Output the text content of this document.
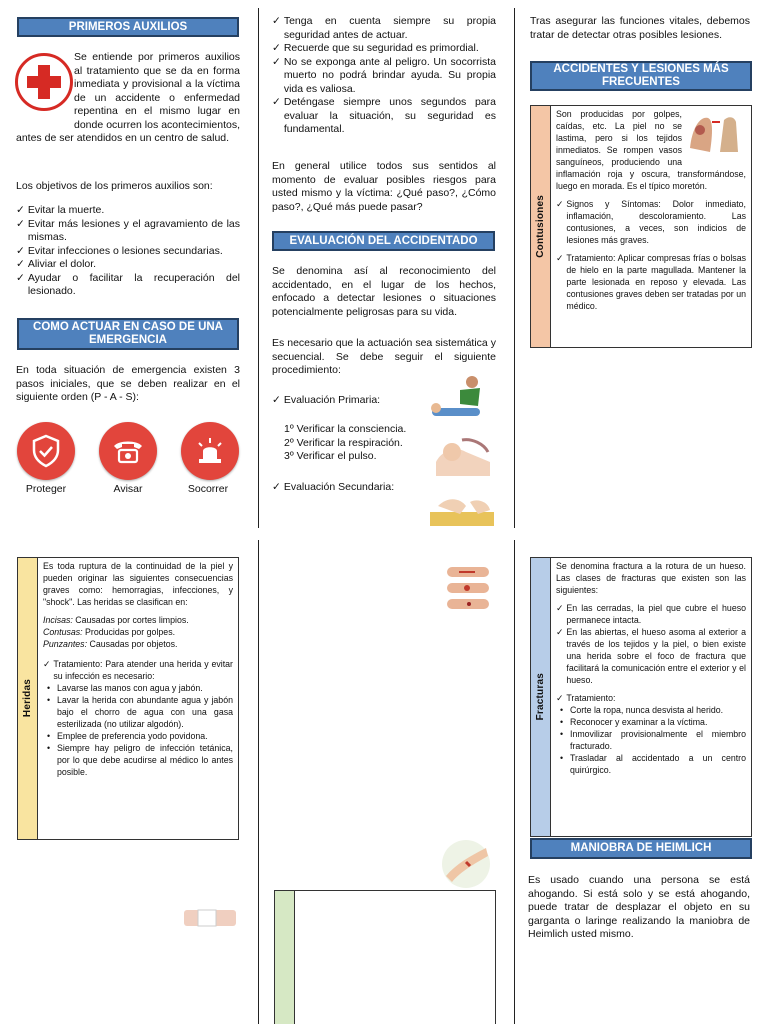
PRIMEROS AUXILIOS
Se entiende por primeros auxilios al tratamiento que se da en forma inmediata y provisional a la víctima de un accidente o enfermedad repentina en el mismo lugar en donde ocurren los acontecimientos, antes de ser atendidos en un centro de salud.
Los objetivos de los primeros auxilios son:
✓ Evitar la muerte.
✓ Evitar más lesiones y el agravamiento de las mismas.
✓ Evitar infecciones o lesiones secundarias.
✓ Aliviar el dolor.
✓ Ayudar o facilitar la recuperación del lesionado.
COMO ACTUAR EN CASO DE UNA EMERGENCIA
En toda situación de emergencia existen 3 pasos iniciales, que se deben realizar en el siguiente orden (P - A - S):
Proteger	Avisar	Socorrer
✓ Tenga en cuenta siempre su propia seguridad antes de actuar.
✓ Recuerde que su seguridad es primordial.
✓ No se exponga ante al peligro. Un socorrista muerto no podrá brindar ayuda. Su propia vida es valiosa.
✓ Deténgase siempre unos segundos para evaluar la situación, su seguridad es fundamental.
En general utilice todos sus sentidos al momento de evaluar posibles riesgos para usted mismo y la víctima: ¿Qué paso?, ¿Cómo paso?, ¿Qué más puede pasar?
EVALUACIÓN DEL ACCIDENTADO
Se denomina así al reconocimiento del accidentado, en el lugar de los hechos, enfocado a detectar lesiones o situaciones potencialmente peligrosas para su vida.
Es necesario que la actuación sea sistemática y secuencial. Se debe seguir el siguiente procedimiento:
✓ Evaluación Primaria:
1º Verificar la consciencia.
2º Verificar la respiración.
3º Verificar el pulso.
✓ Evaluación Secundaria:
Tras asegurar las funciones vitales, debemos tratar de detectar otras posibles lesiones.
ACCIDENTES Y LESIONES MÁS FRECUENTES
Contusiones

Son producidas por golpes, caídas, etc. La piel no se lastima, pero si los tejidos inmediatos. Se rompen vasos sanguíneos, produciendo una inflamación roja y oscura, transformándose, luego en morada. Es el típico moretón.

✓ Signos y Síntomas: Dolor inmediato, inflamación, descoloramiento. Las contusiones, a veces, son indicios de lesiones más graves.

✓ Tratamiento: Aplicar compresas frías o bolsas de hielo en la parte magullada. Mantener la parte lesionada en reposo y elevada. Las contusiones graves deben ser tratadas por un médico.

Heridas

Es toda ruptura de la continuidad de la piel y pueden originar las siguientes consecuencias graves como: hemorragias, infecciones, y "shock". Las heridas se clasifican en:

Incisas: Causadas por cortes limpios.
Contusas: Producidas por golpes.
Punzantes: Causadas por objetos.

✓ Tratamiento: Para atender una herida y evitar su infección es necesario:
• Lavarse las manos con agua y jabón.
• Lavar la herida con abundante agua y jabón bajo el chorro de agua con una gasa esterilizada (no utilizar algodón).
• Emplee de preferencia yodo povidona.
• Siempre hay peligro de infección tetánica, por lo que debe acudirse al médico lo antes posible.
Fracturas

Se denomina fractura a la rotura de un hueso. Las clases de fracturas que existen son las siguientes:

✓ En las cerradas, la piel que cubre el hueso permanece intacta.
✓ En las abiertas, el hueso asoma al exterior a través de los tejidos y la piel, o bien existe una herida sobre el foco de fractura que facilitará la comunicación entre el exterior y el hueso.
✓ Tratamiento:
• Corte la ropa, nunca desvista al herido.
• Reconocer y examinar a la víctima.
• Inmovilizar provisionalmente el miembro fracturado.
• Trasladar al accidentado a un centro quirúrgico.
MANIOBRA DE HEIMLICH
Es usado cuando una persona se está ahogando. Si está solo y se está ahogando, puede tratar de desplazar el objeto en su garganta o laringe realizando la maniobra de Heimlich usted mismo.
